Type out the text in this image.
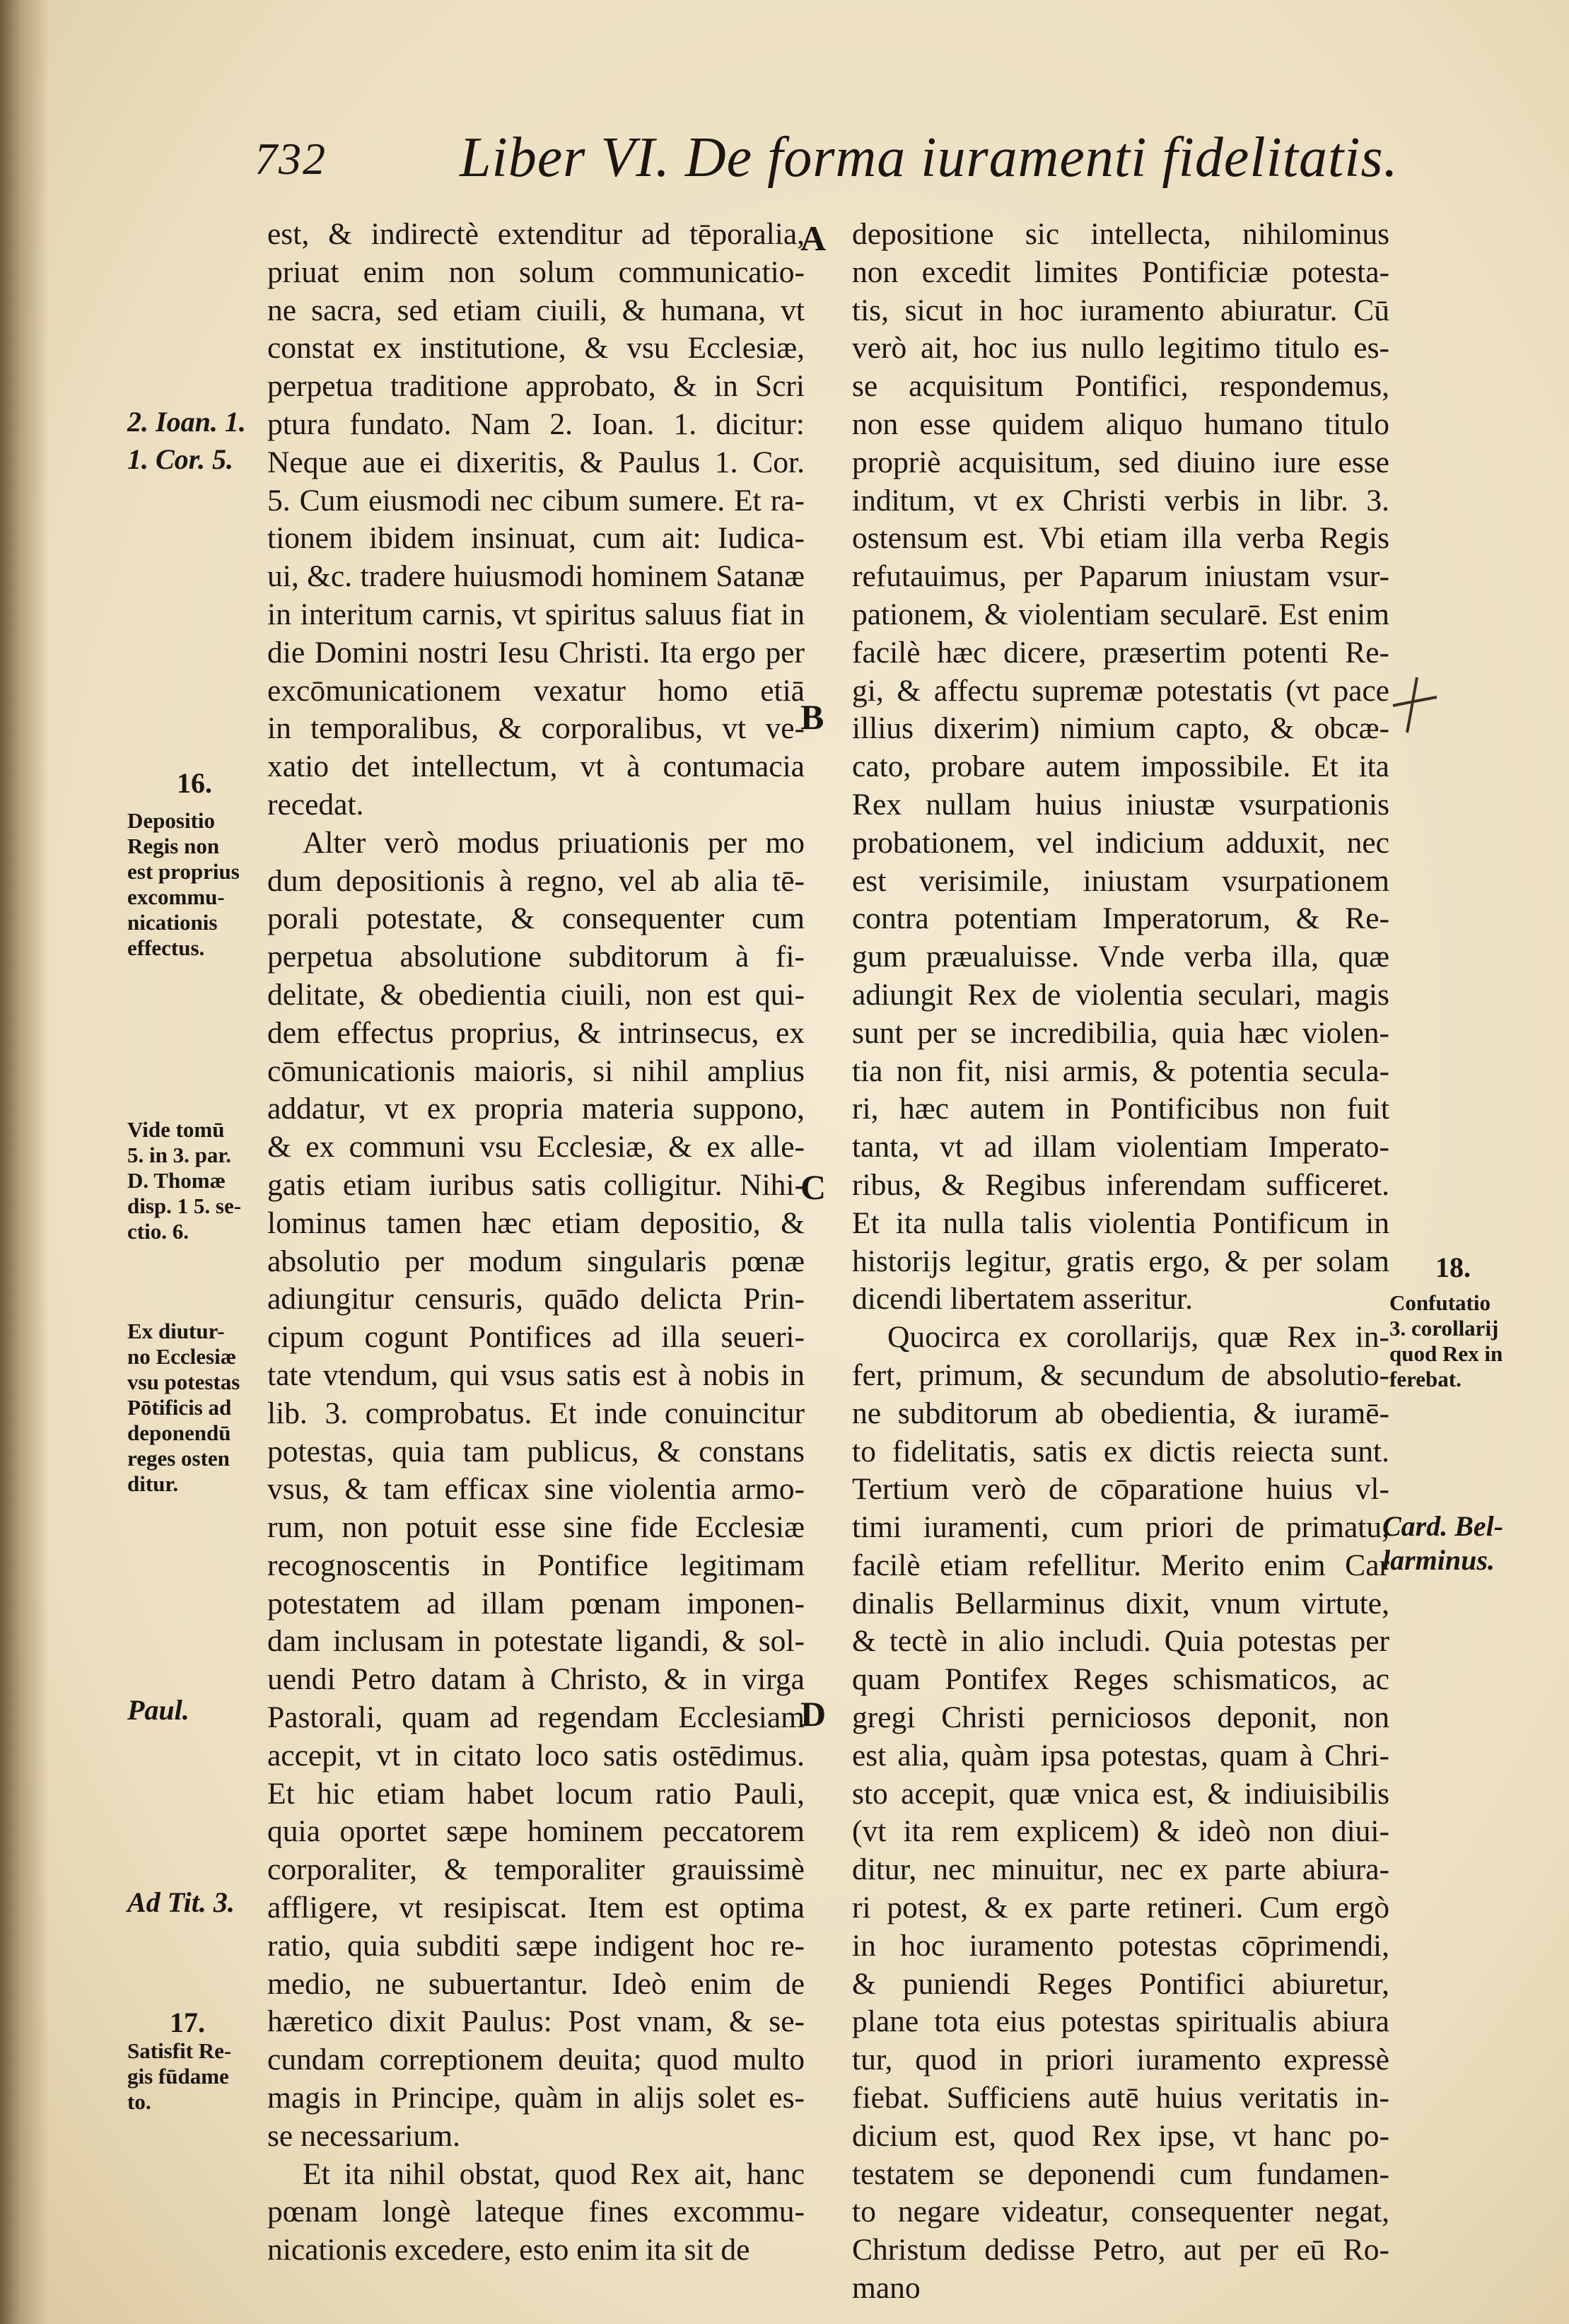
732 Liber VI. De forma iuramenti fidelitatis.
est, & indirectè extenditur ad tēporalia,
priuat enim non solum communicatio-
ne sacra, sed etiam ciuili, & humana, vt
constat ex institutione, & vsu Ecclesiæ,
perpetua traditione approbato, & in Scri
ptura fundato. Nam 2. Ioan. 1. dicitur:
Neque aue ei dixeritis, & Paulus 1. Cor.
5. Cum eiusmodi nec cibum sumere. Et ra-
tionem ibidem insinuat, cum ait: Iudica-
ui, &c. tradere huiusmodi hominem Satanæ
in interitum carnis, vt spiritus saluus fiat in
die Domini nostri Iesu Christi. Ita ergo per
excōmunicationem vexatur homo etiā
in temporalibus, & corporalibus, vt ve-
xatio det intellectum, vt à contumacia
recedat.
Alter verò modus priuationis per mo
dum depositionis à regno, vel ab alia tē-
porali potestate, & consequenter cum
perpetua absolutione subditorum à fi-
delitate, & obedientia ciuili, non est qui-
dem effectus proprius, & intrinsecus, ex
cōmunicationis maioris, si nihil amplius
addatur, vt ex propria materia suppono,
& ex communi vsu Ecclesiæ, & ex alle-
gatis etiam iuribus satis colligitur. Nihi-
lominus tamen hæc etiam depositio, &
absolutio per modum singularis pœnæ
adiungitur censuris, quādo delicta Prin-
cipum cogunt Pontifices ad illa seueri-
tate vtendum, qui vsus satis est à nobis in
lib. 3. comprobatus. Et inde conuincitur
potestas, quia tam publicus, & constans
vsus, & tam efficax sine violentia armo-
rum, non potuit esse sine fide Ecclesiæ
recognoscentis in Pontifice legitimam
potestatem ad illam pœnam imponen-
dam inclusam in potestate ligandi, & sol-
uendi Petro datam à Christo, & in virga
Pastorali, quam ad regendam Ecclesiam
accepit, vt in citato loco satis ostēdimus.
Et hic etiam habet locum ratio Pauli,
quia oportet sæpe hominem peccatorem
corporaliter, & temporaliter grauissimè
affligere, vt resipiscat. Item est optima
ratio, quia subditi sæpe indigent hoc re-
medio, ne subuertantur. Ideò enim de
hæretico dixit Paulus: Post vnam, & se-
cundam correptionem deuita; quod multo
magis in Principe, quàm in alijs solet es-
se necessarium.
Et ita nihil obstat, quod Rex ait, hanc
pœnam longè lateque fines excommu-
nicationis excedere, esto enim ita sit de
depositione sic intellecta, nihilominus
non excedit limites Pontificiæ potesta-
tis, sicut in hoc iuramento abiuratur. Cū
verò ait, hoc ius nullo legitimo titulo es-
se acquisitum Pontifici, respondemus,
non esse quidem aliquo humano titulo
propriè acquisitum, sed diuino iure esse
inditum, vt ex Christi verbis in libr. 3.
ostensum est. Vbi etiam illa verba Regis
refutauimus, per Paparum iniustam vsur-
pationem, & violentiam secularē. Est enim
facilè hæc dicere, præsertim potenti Re-
gi, & affectu supremæ potestatis (vt pace
illius dixerim) nimium capto, & obcæ-
cato, probare autem impossibile. Et ita
Rex nullam huius iniustæ vsurpationis
probationem, vel indicium adduxit, nec
est verisimile, iniustam vsurpationem
contra potentiam Imperatorum, & Re-
gum præualuisse. Vnde verba illa, quæ
adiungit Rex de violentia seculari, magis
sunt per se incredibilia, quia hæc violen-
tia non fit, nisi armis, & potentia secula-
ri, hæc autem in Pontificibus non fuit
tanta, vt ad illam violentiam Imperato-
ribus, & Regibus inferendam sufficeret.
Et ita nulla talis violentia Pontificum in
historijs legitur, gratis ergo, & per solam
dicendi libertatem asseritur.
Quocirca ex corollarijs, quæ Rex in-
fert, primum, & secundum de absolutio-
ne subditorum ab obedientia, & iuramē-
to fidelitatis, satis ex dictis reiecta sunt.
Tertium verò de cōparatione huius vl-
timi iuramenti, cum priori de primatu,
facilè etiam refellitur. Merito enim Car
dinalis Bellarminus dixit, vnum virtute,
& tectè in alio includi. Quia potestas per
quam Pontifex Reges schismaticos, ac
gregi Christi perniciosos deponit, non
est alia, quàm ipsa potestas, quam à Chri-
sto accepit, quæ vnica est, & indiuisibilis
(vt ita rem explicem) & ideò non diui-
ditur, nec minuitur, nec ex parte abiura-
ri potest, & ex parte retineri. Cum ergò
in hoc iuramento potestas cōprimendi,
& puniendi Reges Pontifici abiuretur,
plane tota eius potestas spiritualis abiura
tur, quod in priori iuramento expressè
fiebat. Sufficiens autē huius veritatis in-
dicium est, quod Rex ipse, vt hanc po-
testatem se deponendi cum fundamen-
to negare videatur, consequenter negat,
Christum dedisse Petro, aut per eū Ro-
mano
A
B
C
D
2. Ioan. 1.
1. Cor. 5.
16.
Depositio
Regis non
est proprius
excommu-
nicationis
effectus.
Vide tomū
5. in 3. par.
D. Thomæ
disp. 1 5. se-
ctio. 6.
Ex diutur-
no Ecclesiæ
vsu potestas
Pōtificis ad
deponendū
reges osten
ditur.
Paul.
Ad Tit. 3.
17.
Satisfit Re-
gis fūdame
to.
18.
Confutatio
3. corollarij
quod Rex in
ferebat.
Card. Bel-
larminus.
